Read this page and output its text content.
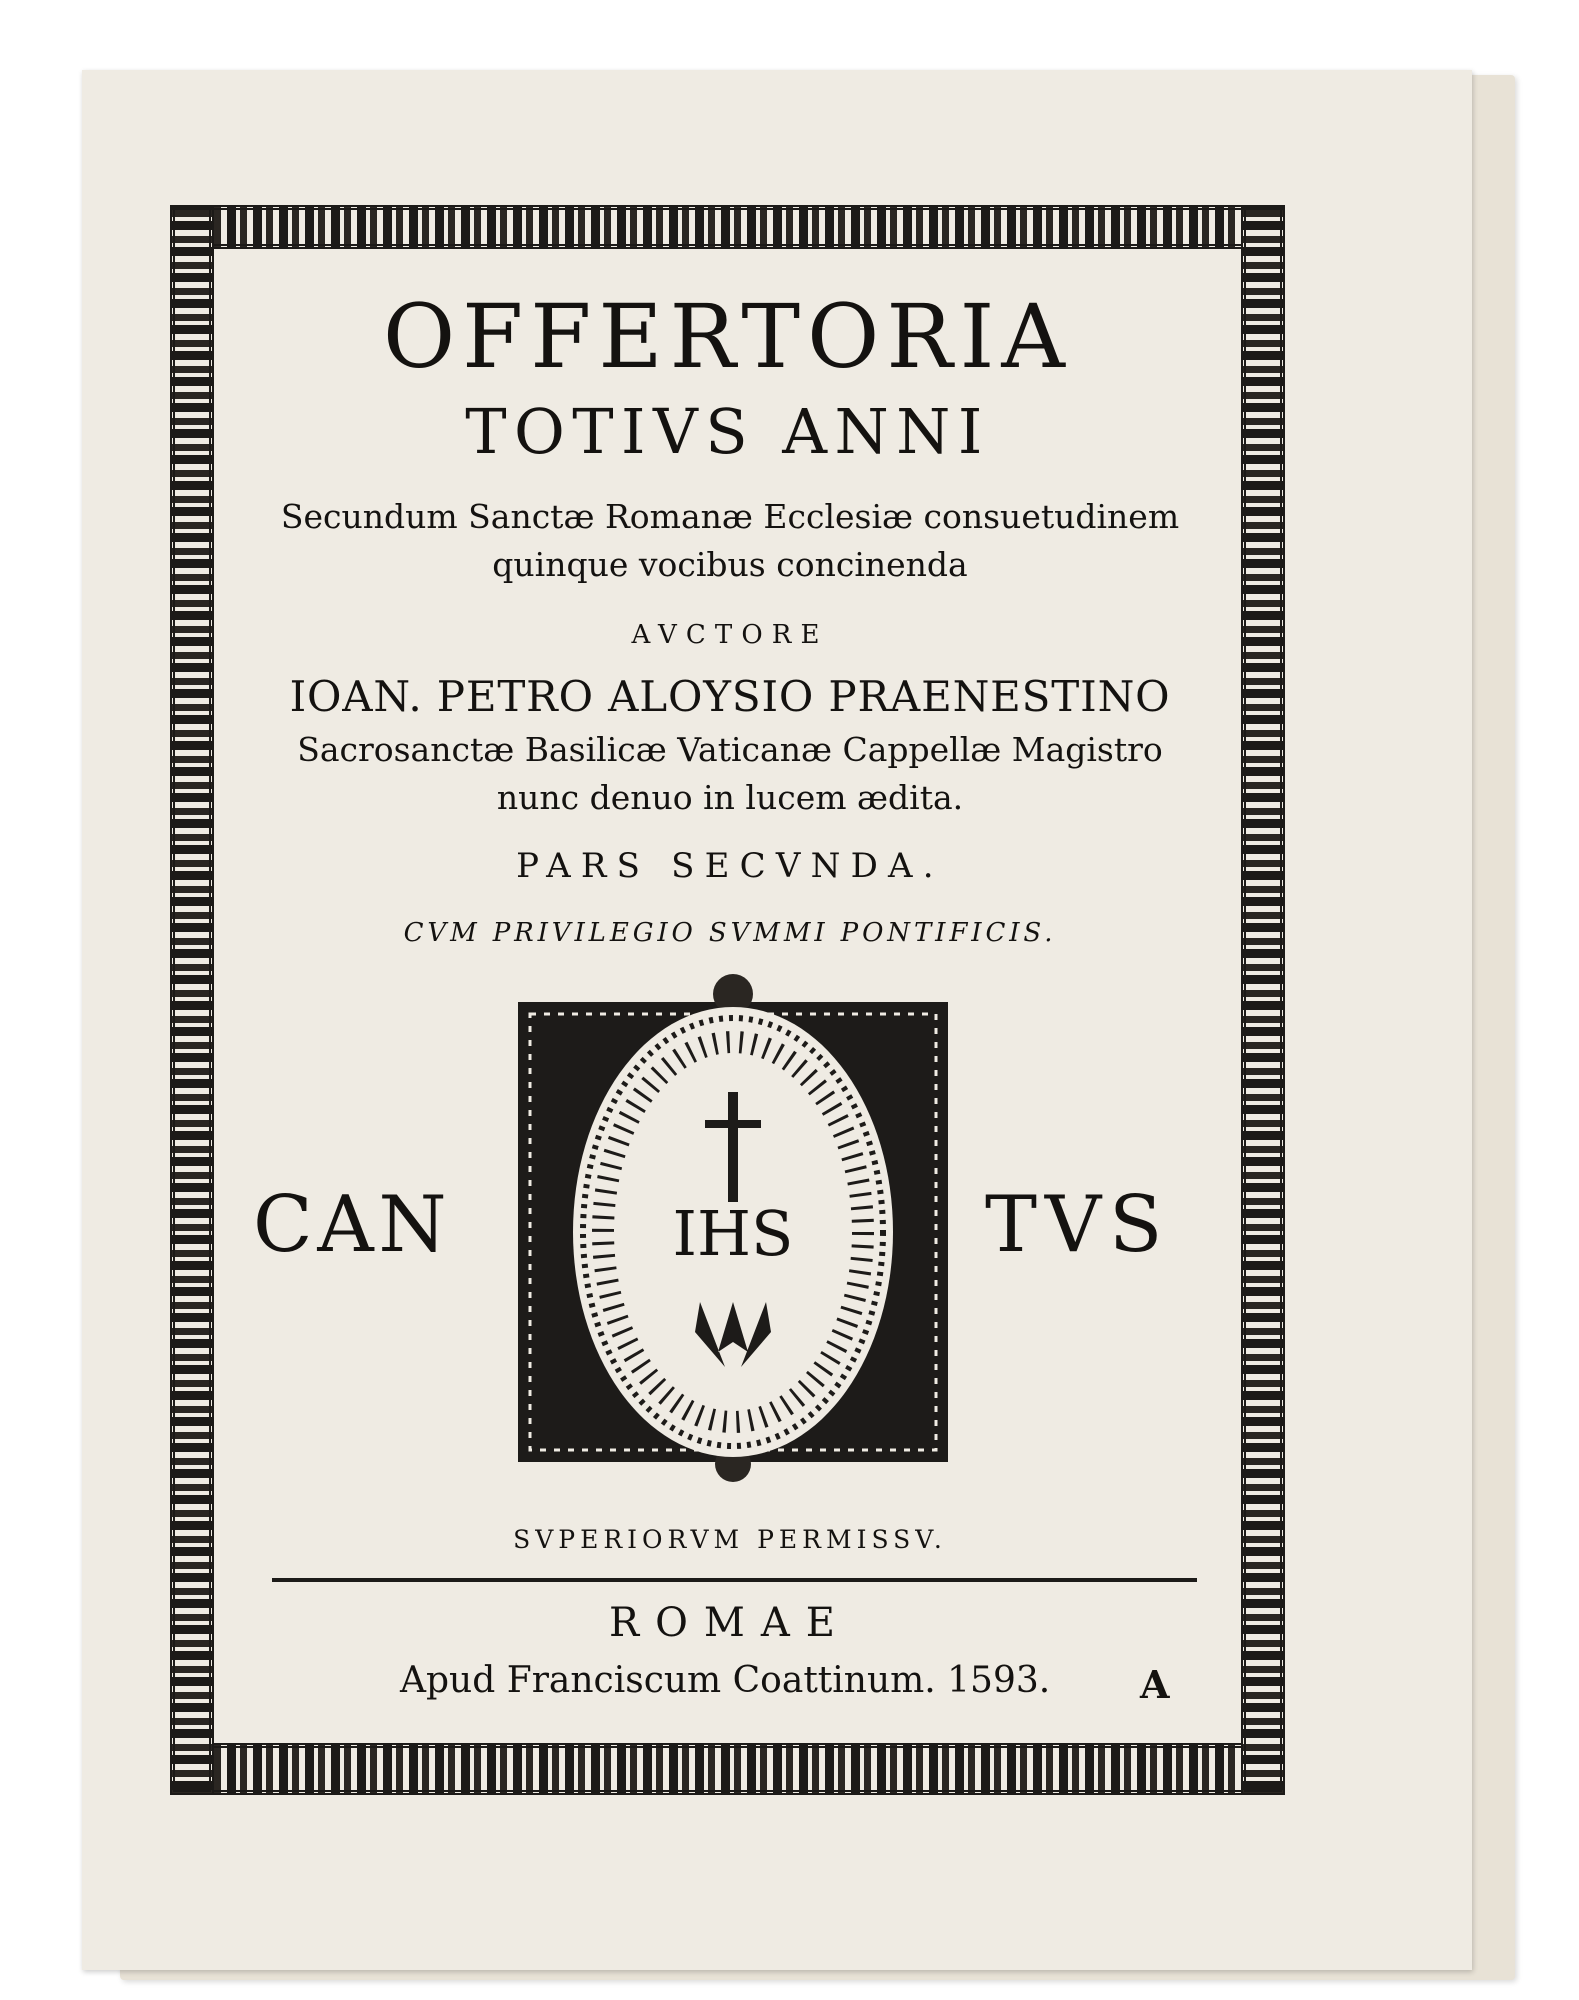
OFFERTORIA
TOTIVS ANNI
Secundum Sanctæ Romanæ Ecclesiæ consuetudinem
quinque vocibus concinenda
AVCTORE
IOAN. PETRO ALOYSIO PRAENESTINO
Sacrosanctæ Basilicæ Vaticanæ Cappellæ Magistro
nunc denuo in lucem ædita.
PARS SECVNDA.
CVM PRIVILEGIO SVMMI PONTIFICIS.
CAN	TVS
IHS
SVPERIORVM PERMISSV.
ROMAE
Apud Franciscum Coattinum. 1593. A
